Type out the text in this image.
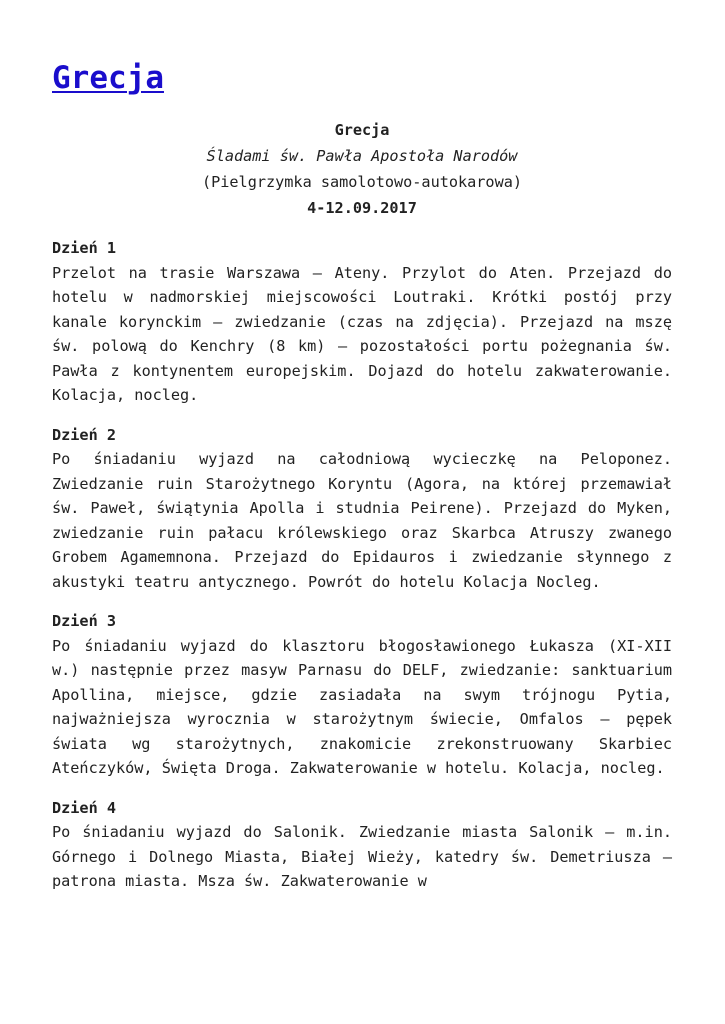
Grecja
Grecja
Śladami św. Pawła Apostoła Narodów
(Pielgrzymka samolotowo-autokarowa)
4-12.09.2017
Dzień 1

Przelot na trasie Warszawa – Ateny. Przylot do Aten. Przejazd do hotelu w nadmorskiej miejscowości Loutraki. Krótki postój przy kanale korynckim – zwiedzanie (czas na zdjęcia). Przejazd na mszę św. polową do Kenchry (8 km) – pozostałości portu pożegnania św. Pawła z kontynentem europejskim. Dojazd do hotelu zakwaterowanie. Kolacja, nocleg.

Dzień 2

Po śniadaniu wyjazd na całodniową wycieczkę na Peloponez. Zwiedzanie ruin Starożytnego Koryntu (Agora, na której przemawiał św. Paweł, świątynia Apolla i studnia Peirene). Przejazd do Myken, zwiedzanie ruin pałacu królewskiego oraz Skarbca Atruszy zwanego Grobem Agamemnona. Przejazd do Epidauros i zwiedzanie słynnego z akustyki teatru antycznego. Powrót do hotelu Kolacja Nocleg.

Dzień 3

Po śniadaniu wyjazd do klasztoru błogosławionego Łukasza (XI-XII w.) następnie przez masyw Parnasu do DELF, zwiedzanie: sanktuarium Apollina, miejsce, gdzie zasiadała na swym trójnogu Pytia, najważniejsza wyrocznia w starożytnym świecie, Omfalos – pępek świata wg starożytnych, znakomicie zrekonstruowany Skarbiec Ateńczyków, Święta Droga. Zakwaterowanie w hotelu. Kolacja, nocleg.

Dzień 4

Po śniadaniu wyjazd do Salonik. Zwiedzanie miasta Salonik – m.in. Górnego i Dolnego Miasta, Białej Wieży, katedry św. Demetriusza – patrona miasta. Msza św. Zakwaterowanie w
